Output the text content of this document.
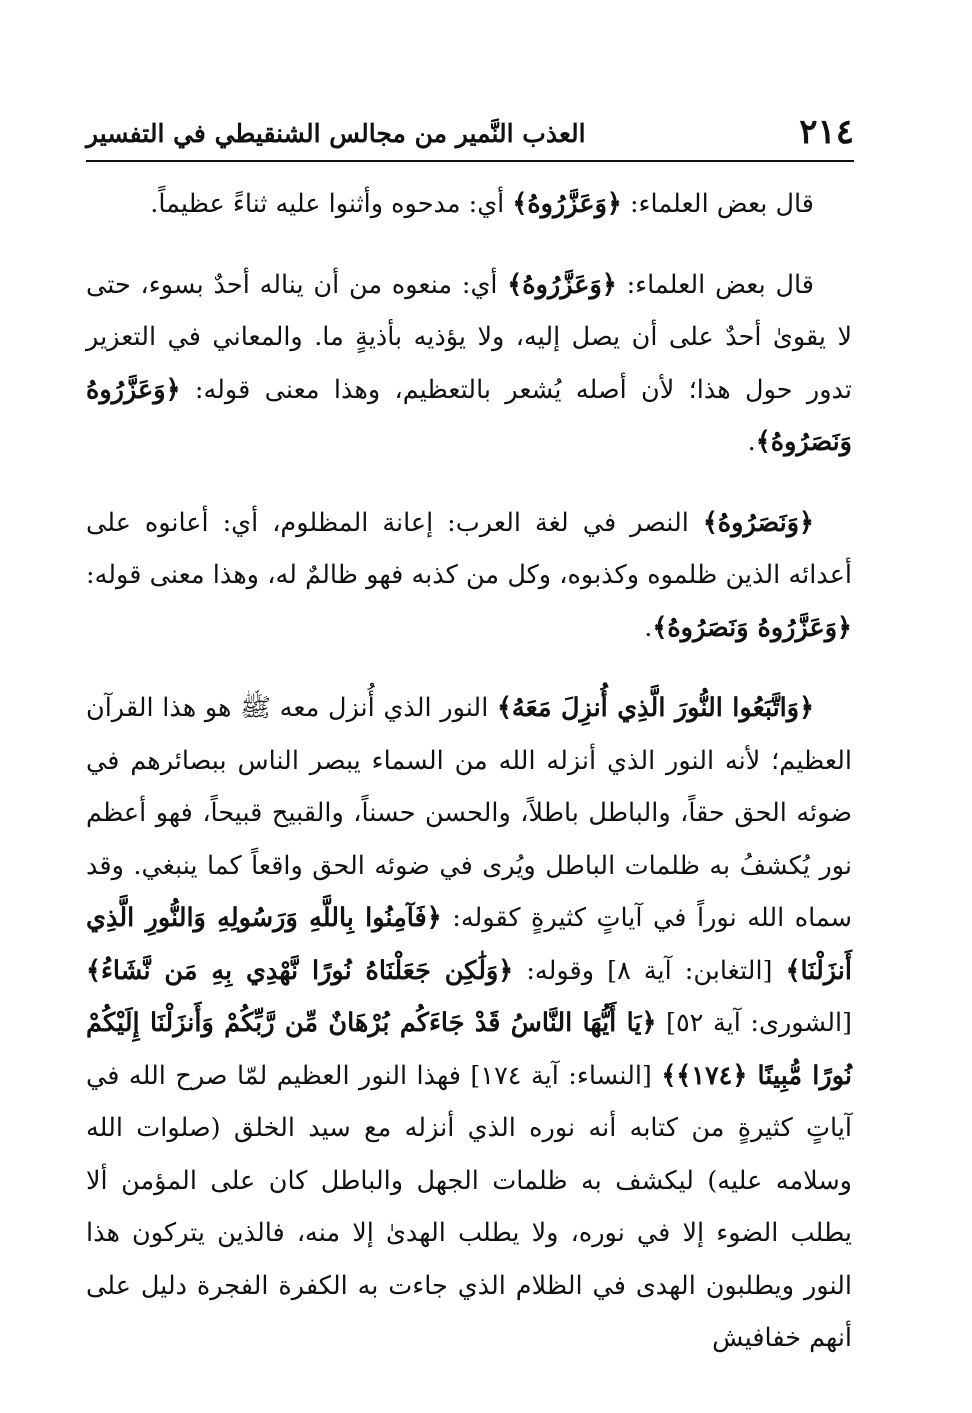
٢١٤
العذب النَّمير من مجالس الشنقيطي في التفسير

قال بعض العلماء: ﴿وَعَزَّرُوهُ﴾ أي: مدحوه وأثنوا عليه ثناءً عظيماً.

قال بعض العلماء: ﴿وَعَزَّرُوهُ﴾ أي: منعوه من أن يناله أحدٌ بسوء، حتى لا يقوىٰ أحدٌ على أن يصل إليه، ولا يؤذيه بأذيةٍ ما. والمعاني في التعزير تدور حول هذا؛ لأن أصله يُشعر بالتعظيم، وهذا معنى قوله: ﴿وَعَزَّرُوهُ وَنَصَرُوهُ﴾.

﴿وَنَصَرُوهُ﴾ النصر في لغة العرب: إعانة المظلوم، أي: أعانوه على أعدائه الذين ظلموه وكذبوه، وكل من كذبه فهو ظالمٌ له، وهذا معنى قوله: ﴿وَعَزَّرُوهُ وَنَصَرُوهُ﴾.

﴿وَاتَّبَعُوا النُّورَ الَّذِي أُنزِلَ مَعَهُ﴾ النور الذي أُنزل معه ﷺ هو هذا القرآن العظيم؛ لأنه النور الذي أنزله الله من السماء يبصر الناس ببصائرهم في ضوئه الحق حقاً، والباطل باطلاً، والحسن حسناً، والقبيح قبيحاً، فهو أعظم نور يُكشفُ به ظلمات الباطل ويُرى في ضوئه الحق واقعاً كما ينبغي. وقد سماه الله نوراً في آياتٍ كثيرةٍ كقوله: ﴿فَآمِنُوا بِاللَّهِ وَرَسُولِهِ وَالنُّورِ الَّذِي أَنزَلْنَا﴾ [التغابن: آية ٨] وقوله: ﴿وَلَٰكِن جَعَلْنَاهُ نُورًا نَّهْدِي بِهِ مَن نَّشَاءُ﴾ [الشورى: آية ٥٢] ﴿يَا أَيُّهَا النَّاسُ قَدْ جَاءَكُم بُرْهَانٌ مِّن رَّبِّكُمْ وَأَنزَلْنَا إِلَيْكُمْ نُورًا مُّبِينًا ﴿١٧٤﴾﴾ [النساء: آية ١٧٤] فهذا النور العظيم لمّا صرح الله في آياتٍ كثيرةٍ من كتابه أنه نوره الذي أنزله مع سيد الخلق (صلوات الله وسلامه عليه) ليكشف به ظلمات الجهل والباطل كان على المؤمن ألا يطلب الضوء إلا في نوره، ولا يطلب الهدىٰ إلا منه، فالذين يتركون هذا النور ويطلبون الهدى في الظلام الذي جاءت به الكفرة الفجرة دليل على أنهم خفافيش
